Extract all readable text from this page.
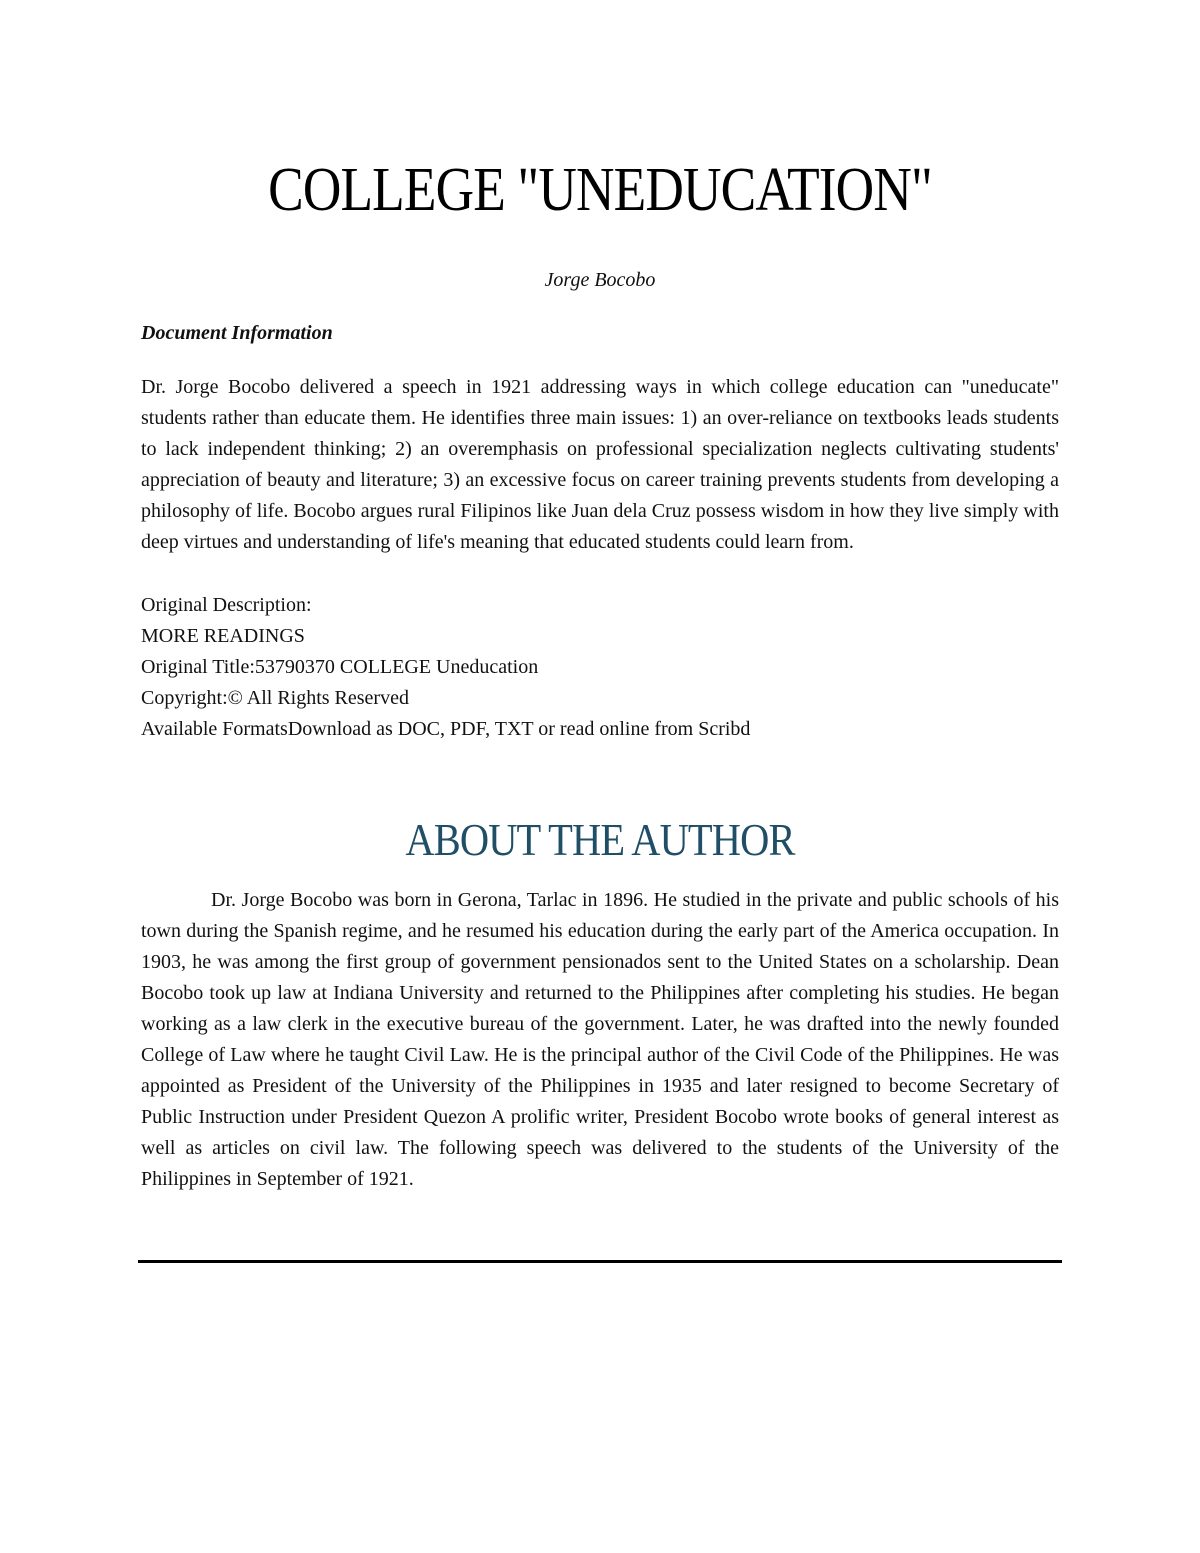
COLLEGE "UNEDUCATION"
Jorge Bocobo
Document Information

Dr. Jorge Bocobo delivered a speech in 1921 addressing ways in which college education can "uneducate" students rather than educate them. He identifies three main issues: 1) an over-reliance on textbooks leads students to lack independent thinking; 2) an overemphasis on professional specialization neglects cultivating students' appreciation of beauty and literature; 3) an excessive focus on career training prevents students from developing a philosophy of life. Bocobo argues rural Filipinos like Juan dela Cruz possess wisdom in how they live simply with deep virtues and understanding of life's meaning that educated students could learn from.

Original Description:
MORE READINGS
Original Title:53790370 COLLEGE Uneducation
Copyright:© All Rights Reserved
Available FormatsDownload as DOC, PDF, TXT or read online from Scribd
ABOUT THE AUTHOR

Dr. Jorge Bocobo was born in Gerona, Tarlac in 1896. He studied in the private and public schools of his town during the Spanish regime, and he resumed his education during the early part of the America occupation. In 1903, he was among the first group of government pensionados sent to the United States on a scholarship. Dean Bocobo took up law at Indiana University and returned to the Philippines after completing his studies. He began working as a law clerk in the executive bureau of the government. Later, he was drafted into the newly founded College of Law where he taught Civil Law. He is the principal author of the Civil Code of the Philippines. He was appointed as President of the University of the Philippines in 1935 and later resigned to become Secretary of Public Instruction under President Quezon A prolific writer, President Bocobo wrote books of general interest as well as articles on civil law. The following speech was delivered to the students of the University of the Philippines in September of 1921.
